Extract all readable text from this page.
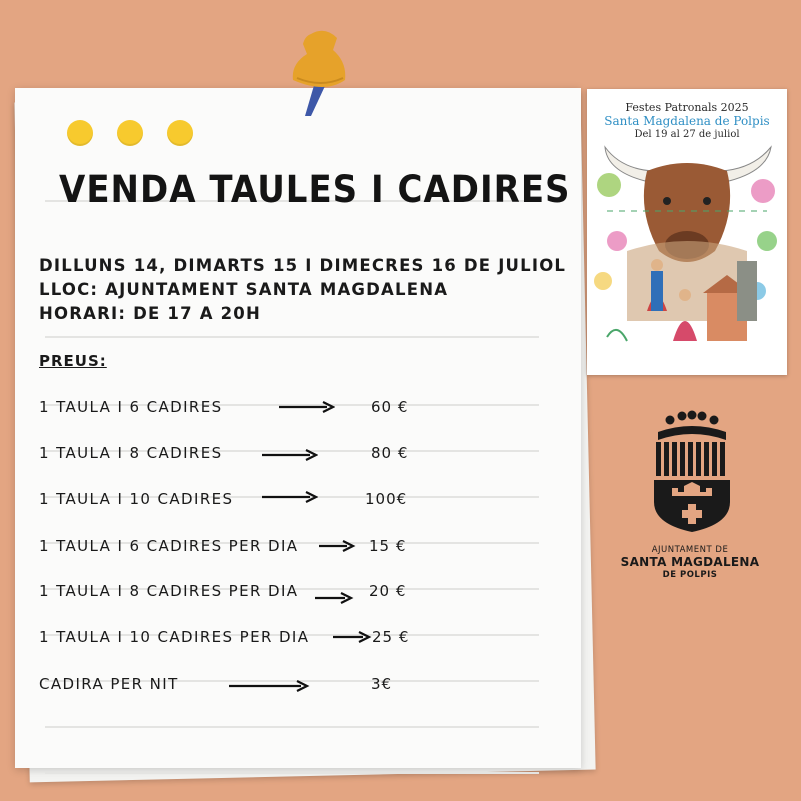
VENDA TAULES I CADIRES
DILLUNS 14, DIMARTS 15 I DIMECRES 16 DE JULIOL
LLOC: AJUNTAMENT SANTA MAGDALENA
HORARI: DE 17 A 20H
PREUS:
1 TAULA I 6 CADIRES	60 €
1 TAULA I 8 CADIRES	80 €
1 TAULA I 10 CADIRES	100€
1 TAULA I 6 CADIRES PER DIA	15 €
1 TAULA I 8 CADIRES PER DIA	20 €
1 TAULA I 10 CADIRES PER DIA	25 €
CADIRA PER NIT	3€
Festes Patronals 2025
Santa Magdalena de Polpis
Del 19 al 27 de juliol
AJUNTAMENT DE
SANTA MAGDALENA
DE POLPIS
